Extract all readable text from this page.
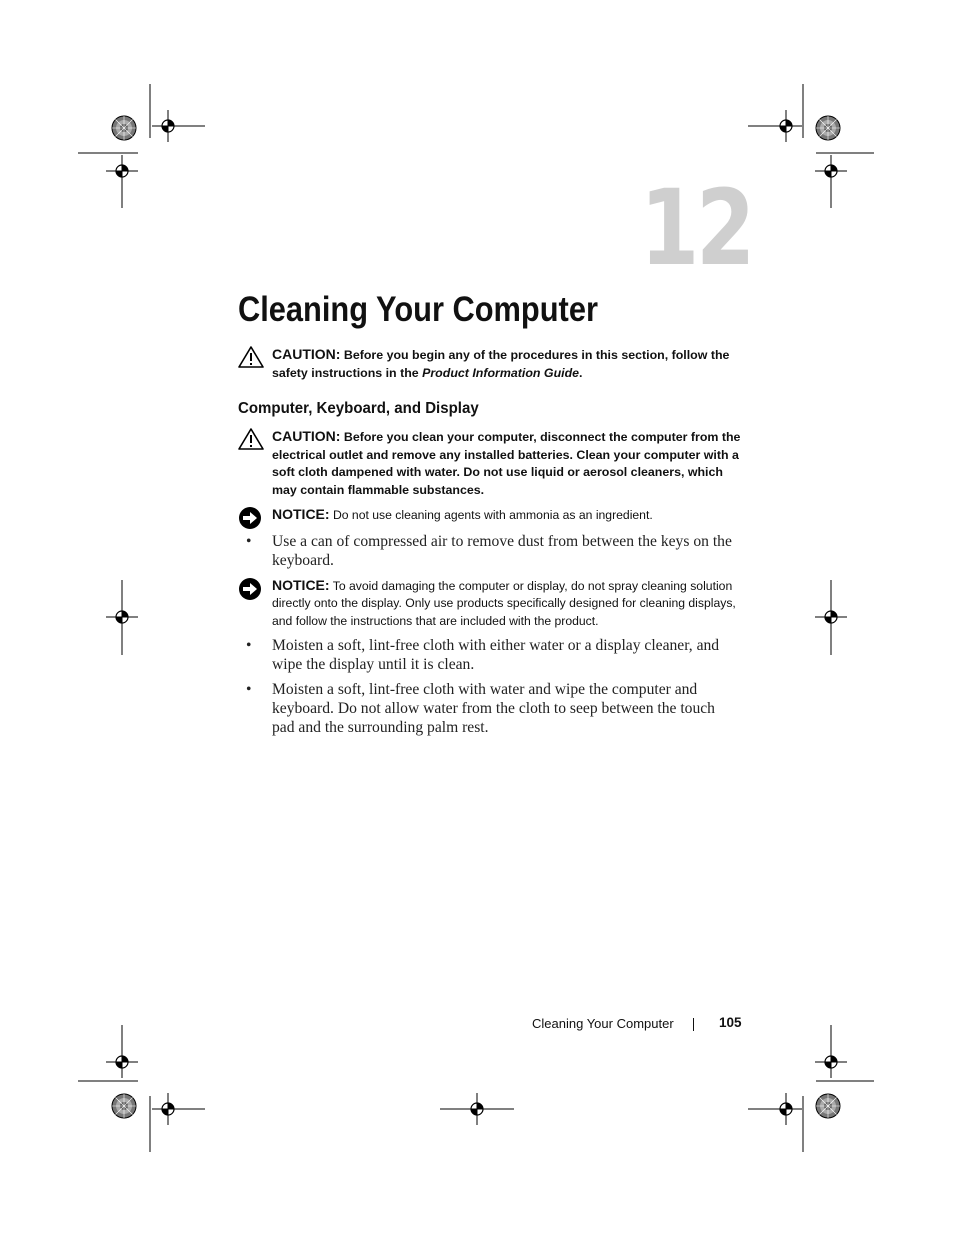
12
Cleaning Your Computer
CAUTION: Before you begin any of the procedures in this section, follow the safety instructions in the Product Information Guide.
Computer, Keyboard, and Display
CAUTION: Before you clean your computer, disconnect the computer from the electrical outlet and remove any installed batteries. Clean your computer with a soft cloth dampened with water. Do not use liquid or aerosol cleaners, which may contain flammable substances.
NOTICE: Do not use cleaning agents with ammonia as an ingredient.
•	Use a can of compressed air to remove dust from between the keys on the keyboard.
NOTICE: To avoid damaging the computer or display, do not spray cleaning solution directly onto the display. Only use products specifically designed for cleaning displays, and follow the instructions that are included with the product.
•	Moisten a soft, lint-free cloth with either water or a display cleaner, and wipe the display until it is clean.
•	Moisten a soft, lint-free cloth with water and wipe the computer and keyboard. Do not allow water from the cloth to seep between the touch pad and the surrounding palm rest.
Cleaning Your Computer	105
